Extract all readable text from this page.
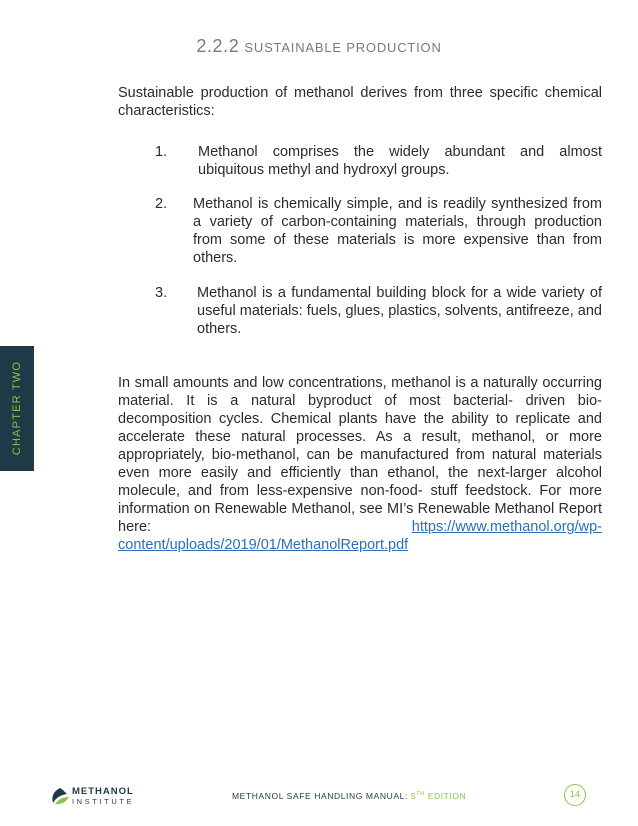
CHAPTER TWO
2.2.2 SUSTAINABLE PRODUCTION

Sustainable production of methanol derives from three specific chemical characteristics:

1. Methanol comprises the widely abundant and almost ubiquitous methyl and hydroxyl groups.
2. Methanol is chemically simple, and is readily synthesized from a variety of carbon-containing materials, through production from some of these materials is more expensive than from others.
3. Methanol is a fundamental building block for a wide variety of useful materials: fuels, glues, plastics, solvents, antifreeze, and others.

In small amounts and low concentrations, methanol is a naturally occurring material. It is a natural byproduct of most bacterial- driven bio-decomposition cycles. Chemical plants have the ability to replicate and accelerate these natural processes. As a result, methanol, or more appropriately, bio-methanol, can be manufactured from natural materials even more easily and efficiently than ethanol, the next-larger alcohol molecule, and from less-expensive non-food- stuff feedstock. For more information on Renewable Methanol, see MI’s Renewable Methanol Report here: https://www.methanol.org/wp-content/uploads/2019/01/MethanolReport.pdf

METHANOL
INSTITUTE
METHANOL SAFE HANDLING MANUAL: 5TH EDITION	14
